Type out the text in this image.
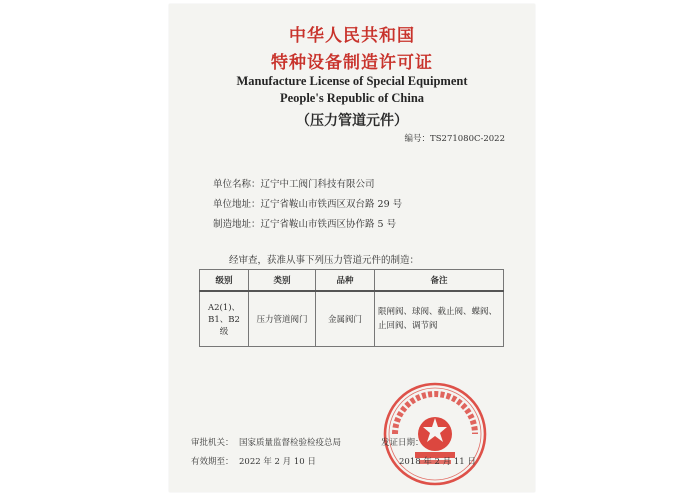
中华人民共和国
特种设备制造许可证
Manufacture License of Special Equipment
People's Republic of China
（压力管道元件）
编号：TS271080C-2022
单位名称：辽宁中工阀门科技有限公司
单位地址：辽宁省鞍山市铁西区双台路 29 号
制造地址：辽宁省鞍山市铁西区协作路 5 号
经审查，获准从事下列压力管道元件的制造：
级别	类别	品种	备注
A2(1)、B1、B2 级	压力管道阀门	金属阀门	限闸阀、球阀、截止阀、蝶阀、止回阀、调节阀
审批机关： 国家质量监督检验检疫总局
有效期至： 2022 年 2 月 10 日
发证日期：
2018 年 2 月 11 日
